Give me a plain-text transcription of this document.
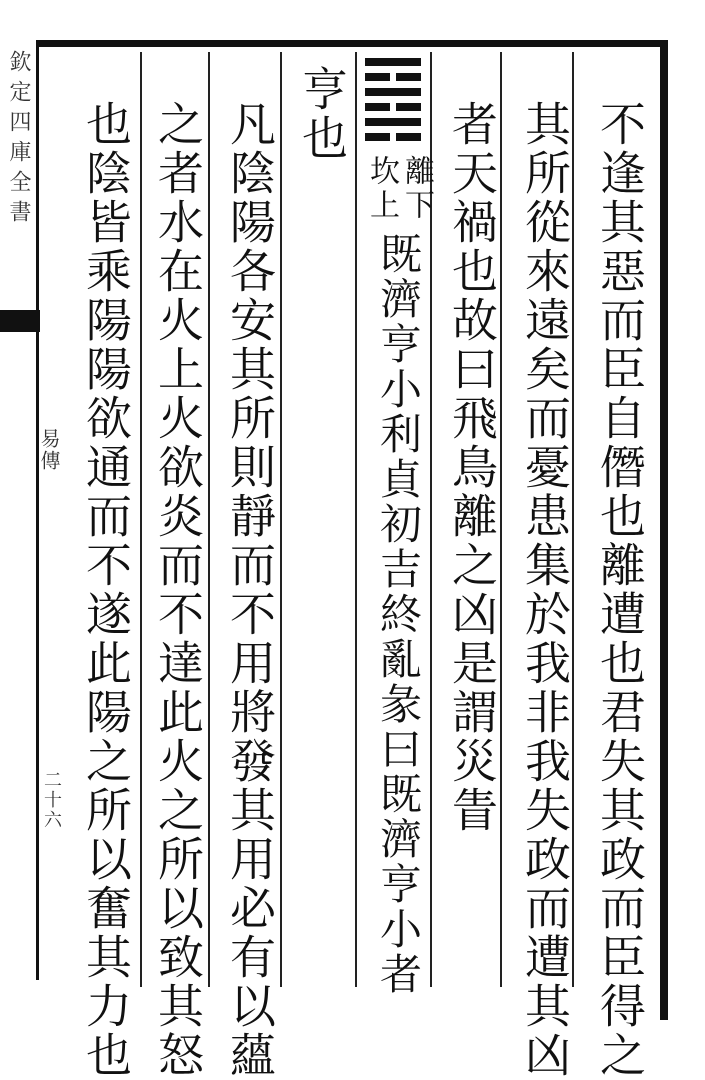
欽定四庫全書
易傳
二十六	不逢其惡而臣自僭也離遭也君失其政而臣得之
其所從來遠矣而憂患集於我非我失政而遭其凶
者天禍也故曰飛鳥離之凶是謂災眚
離下
坎上
既濟亨小利貞初吉終亂彖曰既濟亨小者
亨也
凡陰陽各安其所則靜而不用將發其用必有以蘊
之者水在火上火欲炎而不達此火之所以致其怒
也陰皆乘陽陽欲通而不遂此陽之所以奮其力也
